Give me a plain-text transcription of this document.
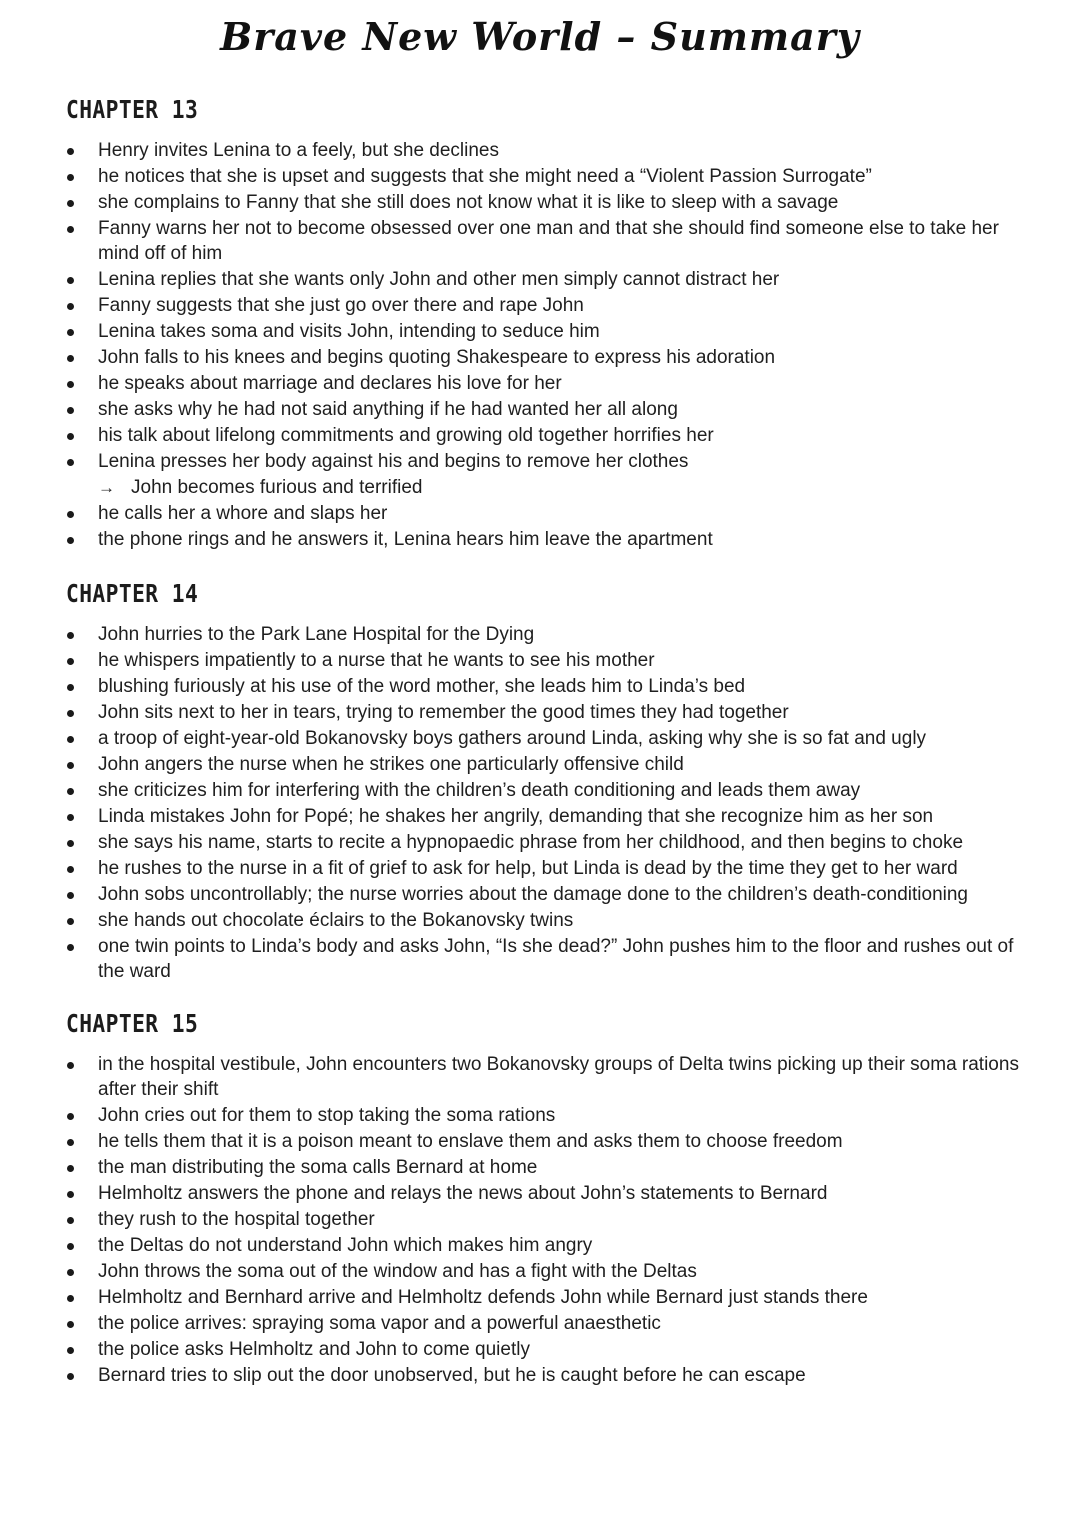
Brave New World – Summary
CHAPTER 13
Henry invites Lenina to a feely, but she declines
he notices that she is upset and suggests that she might need a “Violent Passion Surrogate”
she complains to Fanny that she still does not know what it is like to sleep with a savage
Fanny warns her not to become obsessed over one man and that she should find someone else to take her mind off of him
Lenina replies that she wants only John and other men simply cannot distract her
Fanny suggests that she just go over there and rape John
Lenina takes soma and visits John, intending to seduce him
John falls to his knees and begins quoting Shakespeare to express his adoration
he speaks about marriage and declares his love for her
she asks why he had not said anything if he had wanted her all along
his talk about lifelong commitments and growing old together horrifies her
Lenina presses her body against his and begins to remove her clothes
→ John becomes furious and terrified
he calls her a whore and slaps her
the phone rings and he answers it, Lenina hears him leave the apartment
CHAPTER 14
John hurries to the Park Lane Hospital for the Dying
he whispers impatiently to a nurse that he wants to see his mother
blushing furiously at his use of the word mother, she leads him to Linda’s bed
John sits next to her in tears, trying to remember the good times they had together
a troop of eight-year-old Bokanovsky boys gathers around Linda, asking why she is so fat and ugly
John angers the nurse when he strikes one particularly offensive child
she criticizes him for interfering with the children’s death conditioning and leads them away
Linda mistakes John for Popé; he shakes her angrily, demanding that she recognize him as her son
she says his name, starts to recite a hypnopaedic phrase from her childhood, and then begins to choke
he rushes to the nurse in a fit of grief to ask for help, but Linda is dead by the time they get to her ward
John sobs uncontrollably; the nurse worries about the damage done to the children’s death-conditioning
she hands out chocolate éclairs to the Bokanovsky twins
one twin points to Linda’s body and asks John, “Is she dead?” John pushes him to the floor and rushes out of the ward
CHAPTER 15
in the hospital vestibule, John encounters two Bokanovsky groups of Delta twins picking up their soma rations after their shift
John cries out for them to stop taking the soma rations
he tells them that it is a poison meant to enslave them and asks them to choose freedom
the man distributing the soma calls Bernard at home
Helmholtz answers the phone and relays the news about John’s statements to Bernard
they rush to the hospital together
the Deltas do not understand John which makes him angry
John throws the soma out of the window and has a fight with the Deltas
Helmholtz and Bernhard arrive and Helmholtz defends John while Bernard just stands there
the police arrives: spraying soma vapor and a powerful anaesthetic
the police asks Helmholtz and John to come quietly
Bernard tries to slip out the door unobserved, but he is caught before he can escape
